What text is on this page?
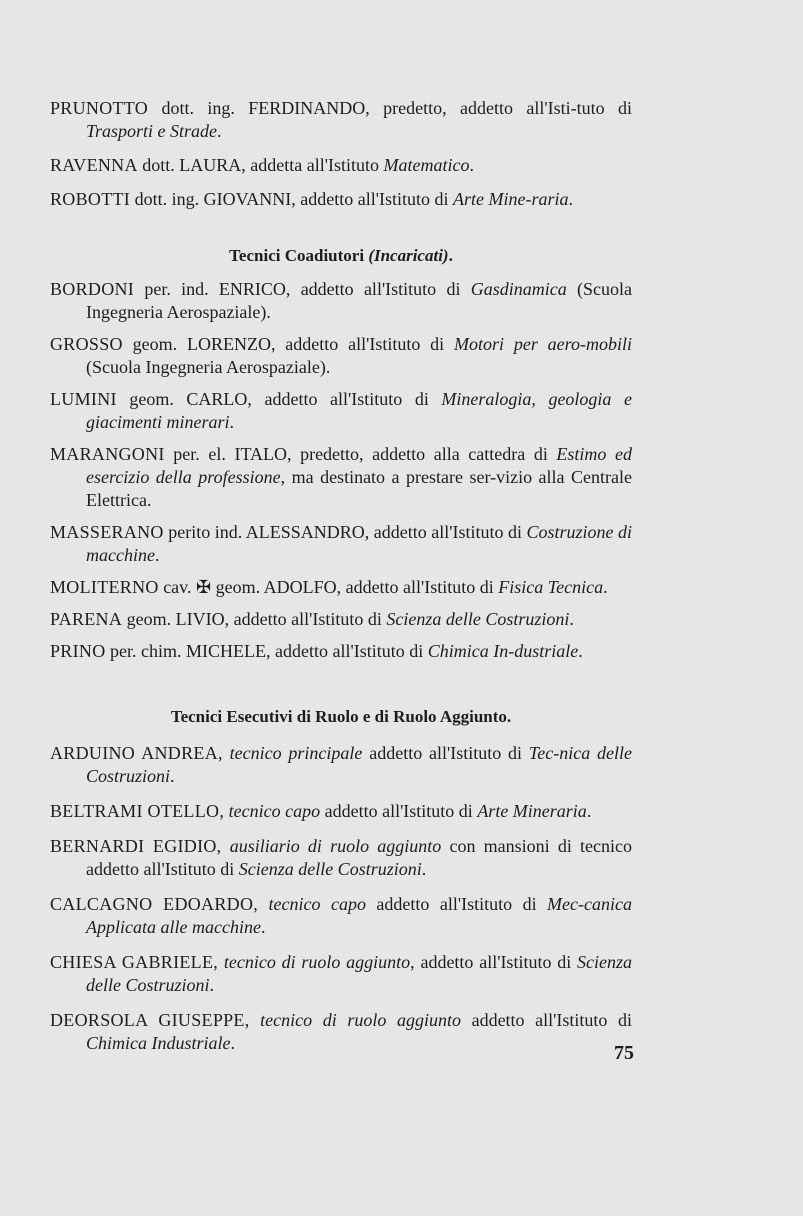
PRUNOTTO dott. ing. FERDINANDO, predetto, addetto all'Isti-tuto di Trasporti e Strade.

RAVENNA dott. LAURA, addetta all'Istituto Matematico.

ROBOTTI dott. ing. GIOVANNI, addetto all'Istituto di Arte Mine-raria.

Tecnici Coadiutori (Incaricati).

BORDONI per. ind. ENRICO, addetto all'Istituto di Gasdinamica (Scuola Ingegneria Aerospaziale).

GROSSO geom. LORENZO, addetto all'Istituto di Motori per aero-mobili (Scuola Ingegneria Aerospaziale).

LUMINI geom. CARLO, addetto all'Istituto di Mineralogia, geologia e giacimenti minerari.

MARANGONI per. el. ITALO, predetto, addetto alla cattedra di Estimo ed esercizio della professione, ma destinato a prestare ser-vizio alla Centrale Elettrica.

MASSERANO perito ind. ALESSANDRO, addetto all'Istituto di Costruzione di macchine.

MOLITERNO cav. ✠ geom. ADOLFO, addetto all'Istituto di Fisica Tecnica.

PARENA geom. LIVIO, addetto all'Istituto di Scienza delle Costruzioni.

PRINO per. chim. MICHELE, addetto all'Istituto di Chimica In-dustriale.

Tecnici Esecutivi di Ruolo e di Ruolo Aggiunto.

ARDUINO ANDREA, tecnico principale addetto all'Istituto di Tec-nica delle Costruzioni.

BELTRAMI OTELLO, tecnico capo addetto all'Istituto di Arte Mineraria.

BERNARDI EGIDIO, ausiliario di ruolo aggiunto con mansioni di tecnico addetto all'Istituto di Scienza delle Costruzioni.

CALCAGNO EDOARDO, tecnico capo addetto all'Istituto di Mec-canica Applicata alle macchine.

CHIESA GABRIELE, tecnico di ruolo aggiunto, addetto all'Istituto di Scienza delle Costruzioni.

DEORSOLA GIUSEPPE, tecnico di ruolo aggiunto addetto all'Istituto di Chimica Industriale.	75
